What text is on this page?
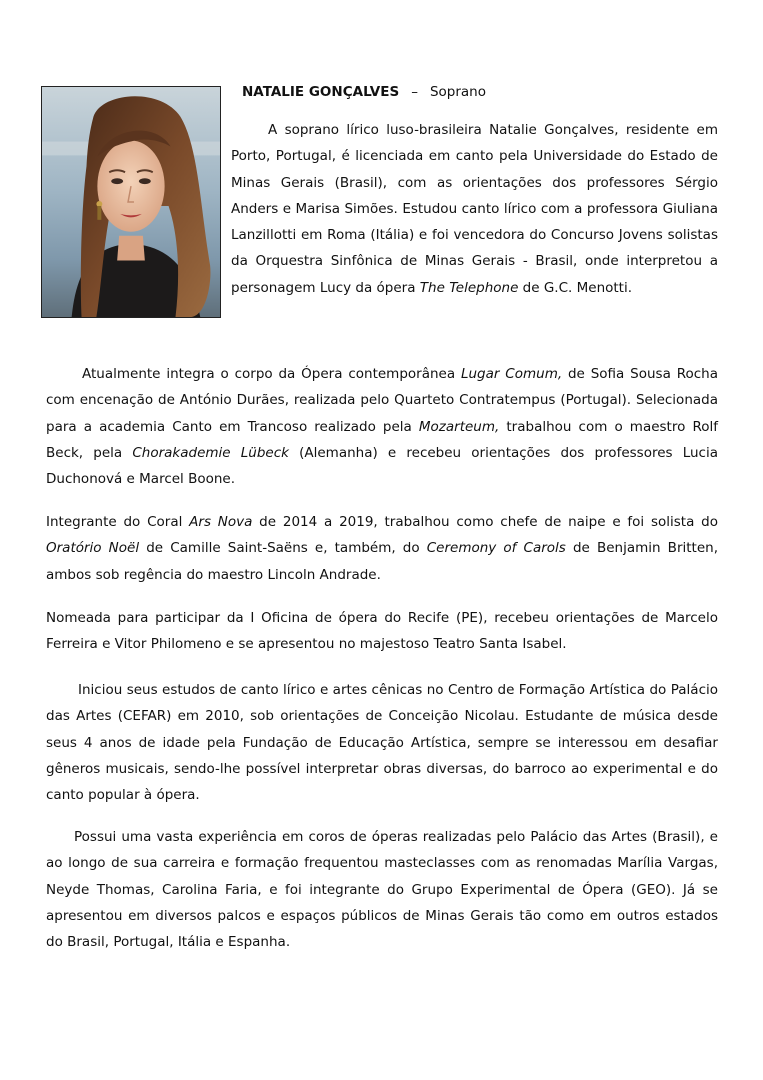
NATALIE GONÇALVES – Soprano

A soprano lírico luso-brasileira Natalie Gonçalves, residente em Porto, Portugal, é licenciada em canto pela Universidade do Estado de Minas Gerais (Brasil), com as orientações dos professores Sérgio Anders e Marisa Simões. Estudou canto lírico com a professora Giuliana Lanzillotti em Roma (Itália) e foi vencedora do Concurso Jovens solistas da Orquestra Sinfônica de Minas Gerais - Brasil, onde interpretou a personagem Lucy da ópera The Telephone de G.C. Menotti.

Atualmente integra o corpo da Ópera contemporânea Lugar Comum, de Sofia Sousa Rocha com encenação de António Durães, realizada pelo Quarteto Contratempus (Portugal). Selecionada para a academia Canto em Trancoso realizado pela Mozarteum, trabalhou com o maestro Rolf Beck, pela Chorakademie Lübeck (Alemanha) e recebeu orientações dos professores Lucia Duchonová e Marcel Boone.

Integrante do Coral Ars Nova de 2014 a 2019, trabalhou como chefe de naipe e foi solista do Oratório Noël de Camille Saint-Saëns e, também, do Ceremony of Carols de Benjamin Britten, ambos sob regência do maestro Lincoln Andrade.

Nomeada para participar da I Oficina de ópera do Recife (PE), recebeu orientações de Marcelo Ferreira e Vitor Philomeno e se apresentou no majestoso Teatro Santa Isabel.

Iniciou seus estudos de canto lírico e artes cênicas no Centro de Formação Artística do Palácio das Artes (CEFAR) em 2010, sob orientações de Conceição Nicolau. Estudante de música desde seus 4 anos de idade pela Fundação de Educação Artística, sempre se interessou em desafiar gêneros musicais, sendo-lhe possível interpretar obras diversas, do barroco ao experimental e do canto popular à ópera.

Possui uma vasta experiência em coros de óperas realizadas pelo Palácio das Artes (Brasil), e ao longo de sua carreira e formação frequentou masteclasses com as renomadas Marília Vargas, Neyde Thomas, Carolina Faria, e foi integrante do Grupo Experimental de Ópera (GEO). Já se apresentou em diversos palcos e espaços públicos de Minas Gerais tão como em outros estados do Brasil, Portugal, Itália e Espanha.
